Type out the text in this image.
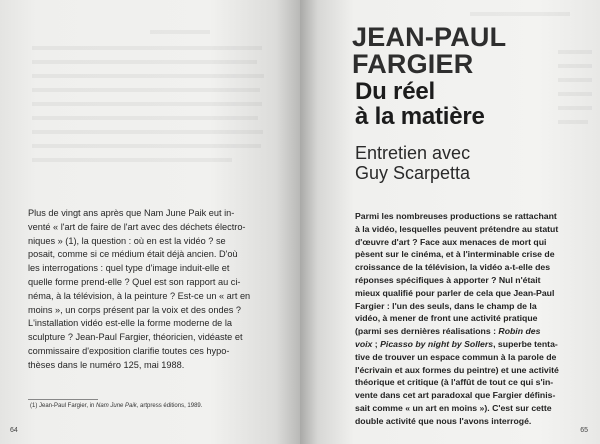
Plus de vingt ans après que Nam June Paik eut in-
venté « l'art de faire de l'art avec des déchets électro-
niques » (1), la question : où en est la vidéo ? se
posait, comme si ce médium était déjà ancien. D'où
les interrogations : quel type d'image induit-elle et
quelle forme prend-elle ? Quel est son rapport au ci-
néma, à la télévision, à la peinture ? Est-ce un « art en
moins », un corps présent par la voix et des ondes ?
L'installation vidéo est-elle la forme moderne de la
sculpture ? Jean-Paul Fargier, théoricien, vidéaste et
commissaire d'exposition clarifie toutes ces hypo-
thèses dans le numéro 125, mai 1988.
(1) Jean-Paul Fargier, in Nam June Paik, artpress éditions, 1989.
64
JEAN-PAUL
FARGIER
Du réel
à la matière
Entretien avec
Guy Scarpetta
Parmi les nombreuses productions se rattachant
à la vidéo, lesquelles peuvent prétendre au statut
d'œuvre d'art ? Face aux menaces de mort qui
pèsent sur le cinéma, et à l'interminable crise de
croissance de la télévision, la vidéo a-t-elle des
réponses spécifiques à apporter ? Nul n'était
mieux qualifié pour parler de cela que Jean-Paul
Fargier : l'un des seuls, dans le champ de la
vidéo, à mener de front une activité pratique
(parmi ses dernières réalisations : Robin des
voix ; Picasso by night by Sollers, superbe tenta-
tive de trouver un espace commun à la parole de
l'écrivain et aux formes du peintre) et une activité
théorique et critique (à l'affût de tout ce qui s'in-
vente dans cet art paradoxal que Fargier définis-
sait comme « un art en moins »). C'est sur cette
double activité que nous l'avons interrogé.
65
